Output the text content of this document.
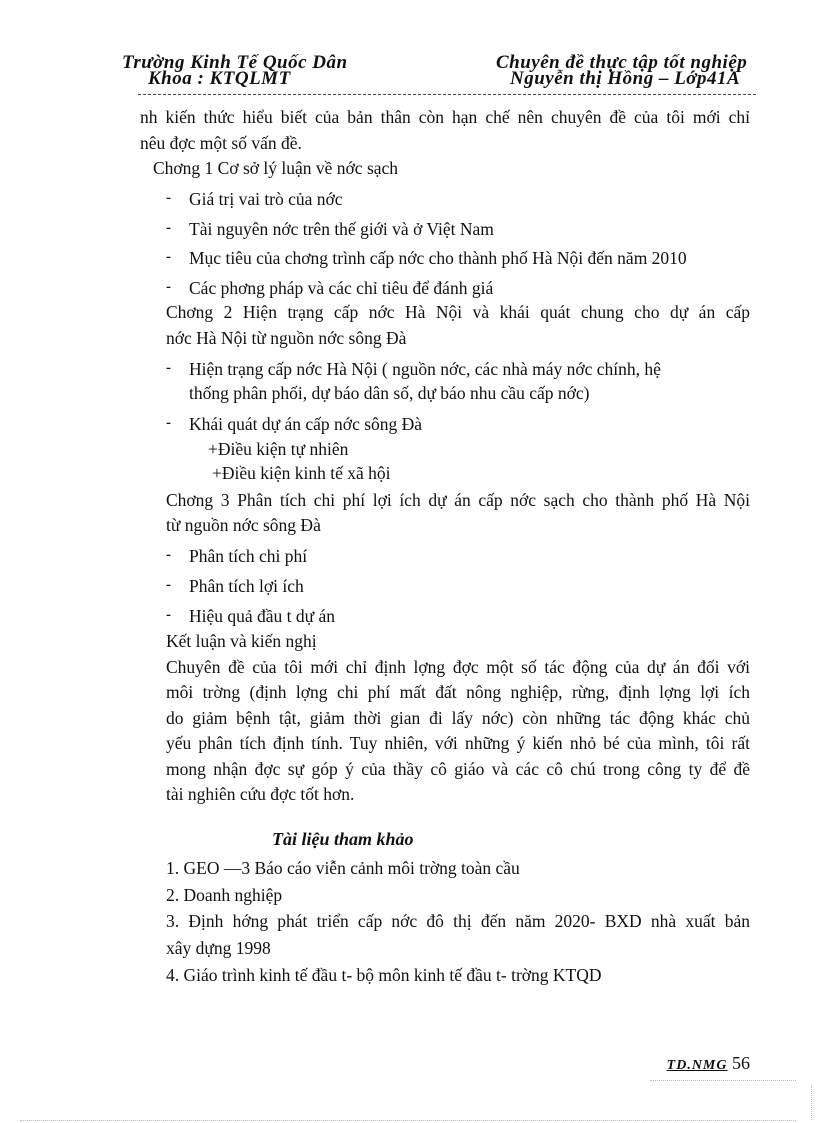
Trường Kinh Tế Quốc Dân
Khoa : KTQLMT
Chuyên đề thực tập tốt nghiệp
Nguyễn thị Hồng – Lớp41A
nh kiến thức hiểu biết của bản thân còn hạn chế nên chuyên đề của tôi mới chỉ
nêu đợc một số vấn đề.
Chơng 1 Cơ sở lý luận về nớc sạch
- Giá trị vai trò của nớc
- Tài nguyên nớc trên thế giới và ở Việt Nam
- Mục tiêu của chơng trình cấp nớc cho thành phố Hà Nội đến năm 2010
- Các phơng pháp và các chỉ tiêu để đánh giá
Chơng 2 Hiện trạng cấp nớc Hà Nội và khái quát chung cho dự án cấp
nớc Hà Nội từ nguồn nớc sông Đà
- Hiện trạng cấp nớc Hà Nội ( nguồn nớc, các nhà máy nớc chính, hệ
thống phân phối, dự báo dân số, dự báo nhu cầu cấp nớc)
- Khái quát dự án cấp nớc sông Đà
+Điều kiện tự nhiên
+Điều kiện kinh tế xã hội
Chơng 3 Phân tích chi phí lợi ích dự án cấp nớc sạch cho thành phố Hà Nội
từ nguồn nớc sông Đà
- Phân tích chi phí
- Phân tích lợi ích
- Hiệu quả đầu t dự án
Kết luận và kiến nghị
Chuyên đề của tôi mới chỉ định lợng đợc một số tác động của dự án đối với
môi trờng (định lợng chi phí mất đất nông nghiệp, rừng, định lợng lợi ích
do giảm bệnh tật, giảm thời gian đi lấy nớc) còn những tác động khác chủ
yếu phân tích định tính. Tuy nhiên, với những ý kiến nhỏ bé của mình, tôi rất
mong nhận đợc sự góp ý của thầy cô giáo và các cô chú trong công ty để đề
tài nghiên cứu đợc tốt hơn.
Tài liệu tham khảo
1. GEO —3 Báo cáo viễn cảnh môi trờng toàn cầu
2. Doanh nghiệp
3. Định hớng phát triển cấp nớc đô thị đến năm 2020- BXD nhà xuất bản
xây dựng 1998
4. Giáo trình kinh tế đầu t- bộ môn kinh tế đầu t- trờng KTQD
TD.NMG 56
